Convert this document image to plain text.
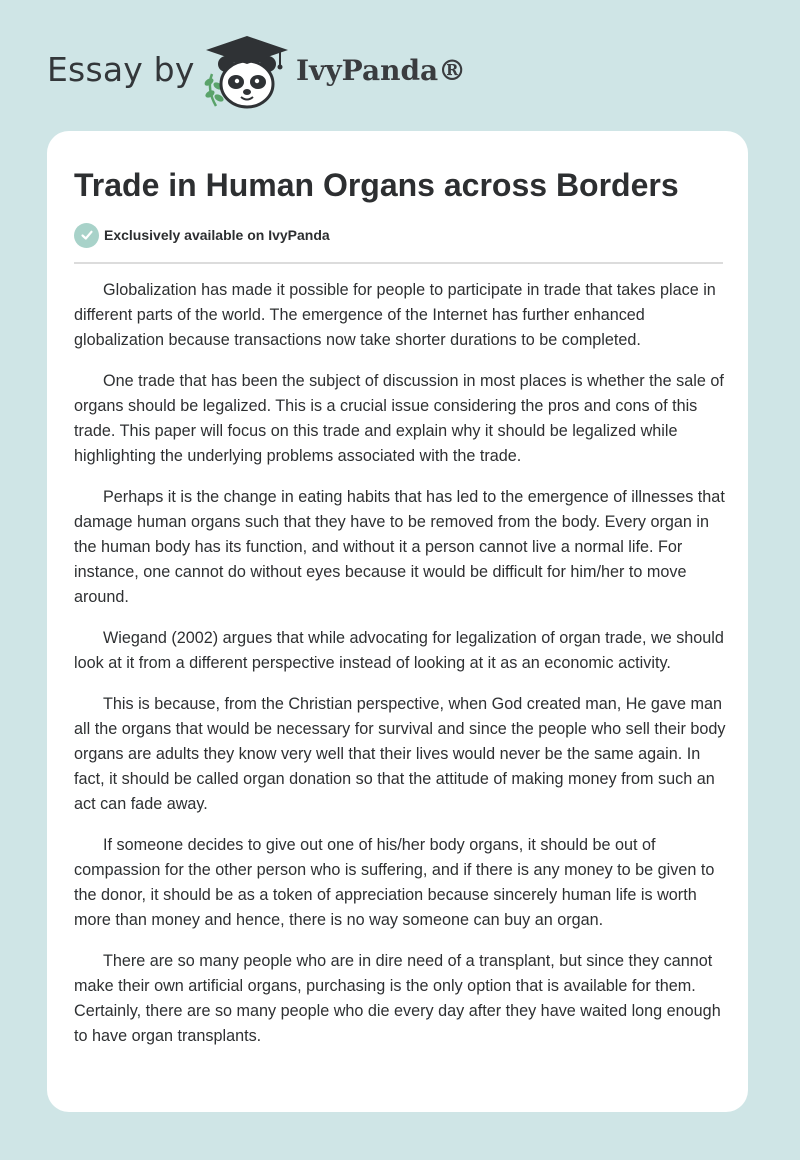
Essay by	IvyPanda®
Trade in Human Organs across Borders
Exclusively available on IvyPanda

Globalization has made it possible for people to participate in trade that takes place in different parts of the world. The emergence of the Internet has further enhanced globalization because transactions now take shorter durations to be completed.

One trade that has been the subject of discussion in most places is whether the sale of organs should be legalized. This is a crucial issue considering the pros and cons of this trade. This paper will focus on this trade and explain why it should be legalized while highlighting the underlying problems associated with the trade.

Perhaps it is the change in eating habits that has led to the emergence of illnesses that damage human organs such that they have to be removed from the body. Every organ in the human body has its function, and without it a person cannot live a normal life. For instance, one cannot do without eyes because it would be difficult for him/her to move around.

Wiegand (2002) argues that while advocating for legalization of organ trade, we should look at it from a different perspective instead of looking at it as an economic activity.

This is because, from the Christian perspective, when God created man, He gave man all the organs that would be necessary for survival and since the people who sell their body organs are adults they know very well that their lives would never be the same again. In fact, it should be called organ donation so that the attitude of making money from such an act can fade away.

If someone decides to give out one of his/her body organs, it should be out of compassion for the other person who is suffering, and if there is any money to be given to the donor, it should be as a token of appreciation because sincerely human life is worth more than money and hence, there is no way someone can buy an organ.

There are so many people who are in dire need of a transplant, but since they cannot make their own artificial organs, purchasing is the only option that is available for them. Certainly, there are so many people who die every day after they have waited long enough to have organ transplants.
